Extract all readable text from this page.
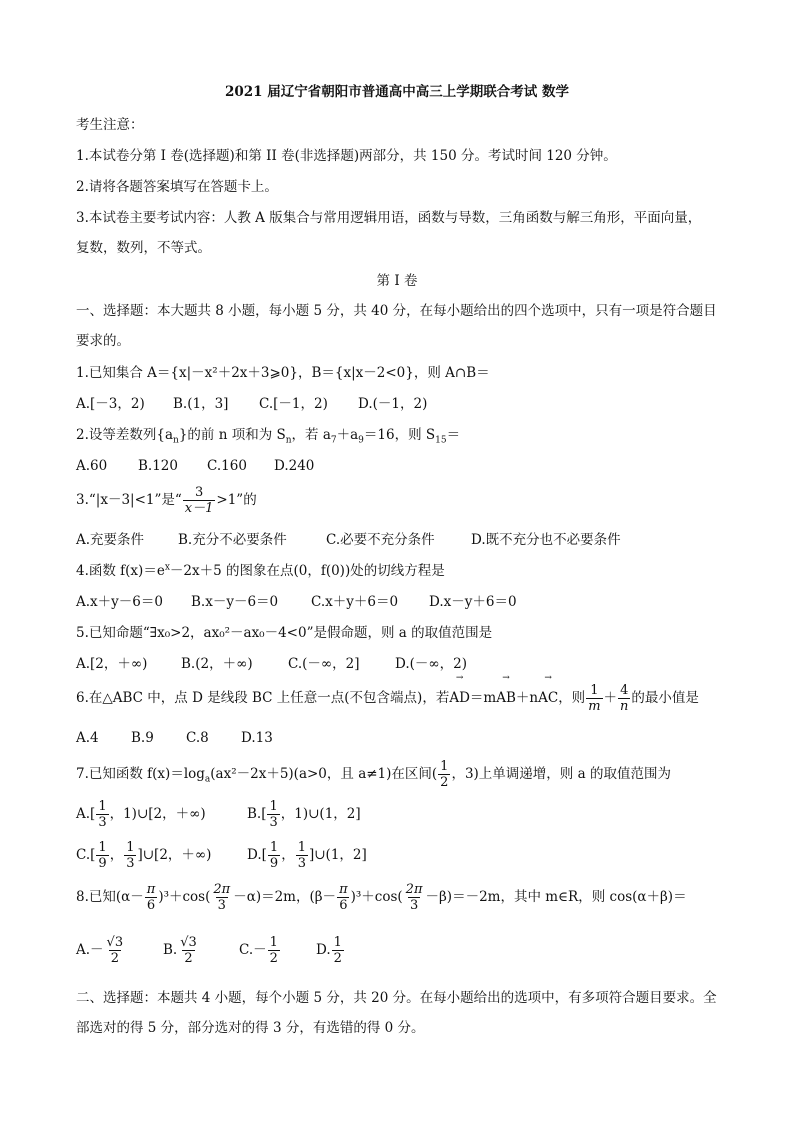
2021 届辽宁省朝阳市普通高中高三上学期联合考试 数学
考生注意：
1.本试卷分第 I 卷(选择题)和第 II 卷(非选择题)两部分，共 150 分。考试时间 120 分钟。
2.请将各题答案填写在答题卡上。
3.本试卷主要考试内容：人教 A 版集合与常用逻辑用语，函数与导数，三角函数与解三角形，平面向量，
复数，数列，不等式。
第 I 卷
一、选择题：本大题共 8 小题，每小题 5 分，共 40 分，在每小题给出的四个选项中，只有一项是符合题目
要求的。
1.已知集合 A＝{x|－x²＋2x＋3⩾0}，B＝{x|x－2<0}，则 A∩B＝
A.[－3，2) B.(1，3] C.[－1，2) D.(－1，2)
2.设等差数列$\{a_n\}$的前 n 项和为 $S_n$，若 $a_7+a_9=16$，则 $S_{15}=$
A.60 B.120 C.160 D.240
3.“|x－3|<1”是“ $\frac{3}{x-1} >1$”的
A.充要条件	B.充分不必要条件	C.必要不充分条件	D.既不充分也不必要条件
4.函数 $f(x)=e^x-2x+5$ 的图象在点(0，f(0))处的切线方程是
A.x＋y－6＝0 B.x－y－6＝0 C.x＋y＋6＝0 D.x－y＋6＝0
5.已知命题“∃x₀>2，ax₀²－ax₀－4<0”是假命题，则 a 的取值范围是
A.[2，＋∞) B.(2，＋∞)	C.(－∞，2]	D.(－∞，2)
6.在△ABC 中，点 D 是线段 BC 上任意一点(不包含端点)，若→ AD＝m→ AB＋n→ AC，则 $\frac{1}{m} + \frac{4}{n}$ 的最小值是
A.4 B.9 C.8 D.13
7.已知函数 $f(x)=\log_a(ax^2-2x+5)(a>0$，且 a≠1)在区间( $\frac{1}{2}$ ，3)上单调递增，则 a 的取值范围为
$A.[ \frac{1}{3}$ ，1)∪[2，＋∞)	$B.[ \frac{1}{3}$ ，1)∪(1，2]
$C.[ \frac{1}{9}$ ， $\frac{1}{3}$ ]∪[2，＋∞)	$D.[ \frac{1}{9}$ ， $\frac{1}{3}$ ]∪(1，2]
8.已知$(\alpha- \frac{\pi}{6} )^3+\cos( \frac{2\pi}{3} -\alpha)=2m$，$(\beta- \frac{\pi}{6} )^3+\cos( \frac{2\pi}{3} -\beta)=-2m$，其中 m∈R，则 cos(α＋β)＝
$A.- \frac{√3}{2}$	B. $\frac{√3}{2}$	$C.- \frac{1}{2}$	D. $\frac{1}{2}$
二、选择题：本题共 4 小题，每个小题 5 分，共 20 分。在每小题给出的选项中，有多项符合题目要求。全
部选对的得 5 分，部分选对的得 3 分，有选错的得 0 分。
